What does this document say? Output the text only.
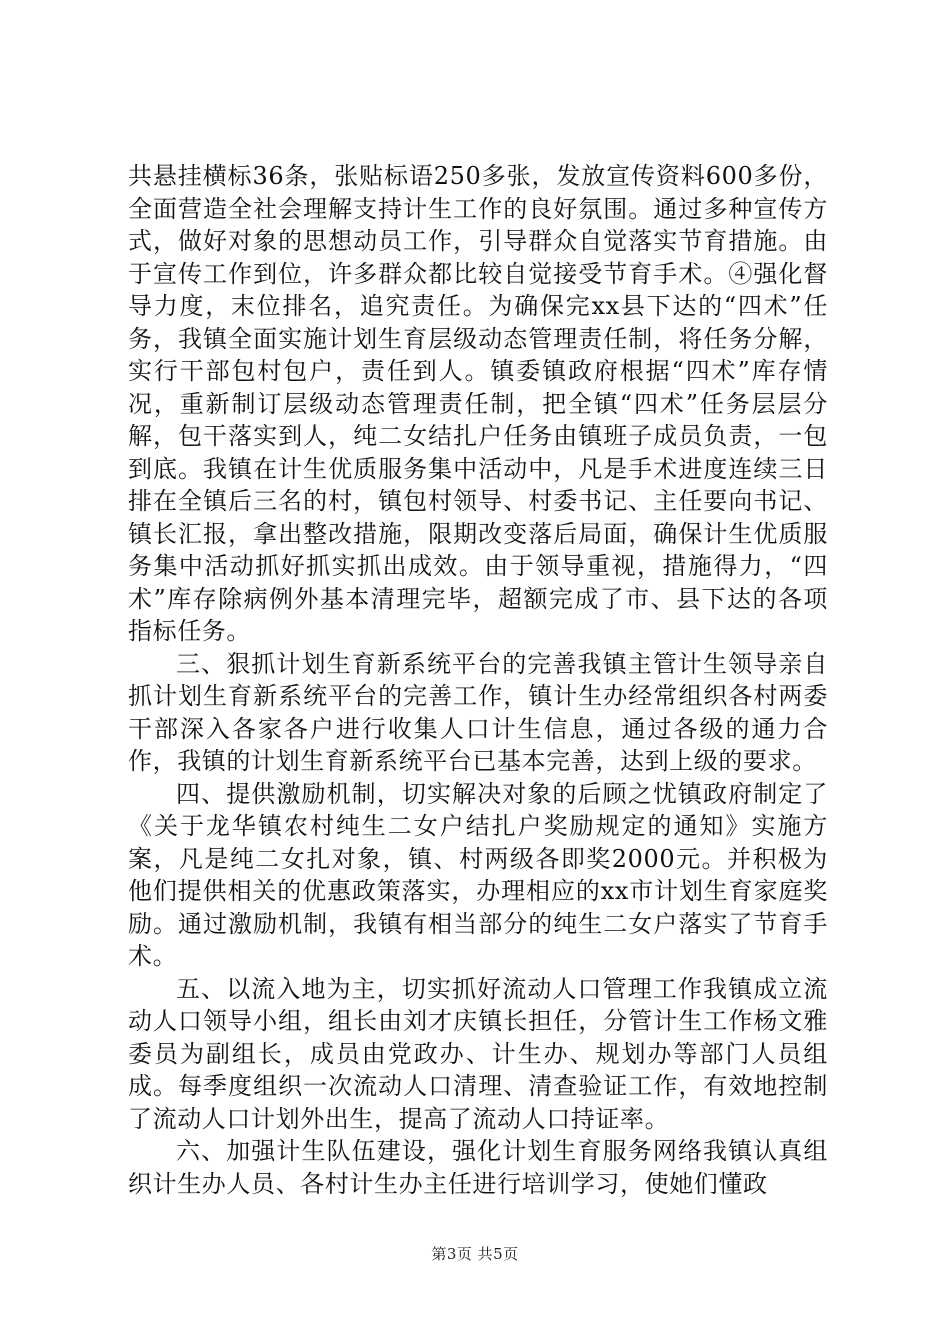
共悬挂横标36条，张贴标语250多张，发放宣传资料600多份，全面营造全社会理解支持计生工作的良好氛围。通过多种宣传方式，做好对象的思想动员工作，引导群众自觉落实节育措施。由于宣传工作到位，许多群众都比较自觉接受节育手术。④强化督导力度，末位排名，追究责任。为确保完xx县下达的“四术”任务，我镇全面实施计划生育层级动态管理责任制，将任务分解，实行干部包村包户，责任到人。镇委镇政府根据“四术”库存情况，重新制订层级动态管理责任制，把全镇“四术”任务层层分解，包干落实到人，纯二女结扎户任务由镇班子成员负责，一包到底。我镇在计生优质服务集中活动中，凡是手术进度连续三日排在全镇后三名的村，镇包村领导、村委书记、主任要向书记、镇长汇报，拿出整改措施，限期改变落后局面，确保计生优质服务集中活动抓好抓实抓出成效。由于领导重视，措施得力，“四术”库存除病例外基本清理完毕，超额完成了市、县下达的各项指标任务。

三、狠抓计划生育新系统平台的完善我镇主管计生领导亲自抓计划生育新系统平台的完善工作，镇计生办经常组织各村两委干部深入各家各户进行收集人口计生信息，通过各级的通力合作，我镇的计划生育新系统平台已基本完善，达到上级的要求。

四、提供激励机制，切实解决对象的后顾之忧镇政府制定了《关于龙华镇农村纯生二女户结扎户奖励规定的通知》实施方案，凡是纯二女扎对象，镇、村两级各即奖2000元。并积极为他们提供相关的优惠政策落实，办理相应的xx市计划生育家庭奖励。通过激励机制，我镇有相当部分的纯生二女户落实了节育手术。

五、以流入地为主，切实抓好流动人口管理工作我镇成立流动人口领导小组，组长由刘才庆镇长担任，分管计生工作杨文雅委员为副组长，成员由党政办、计生办、规划办等部门人员组成。每季度组织一次流动人口清理、清查验证工作，有效地控制了流动人口计划外出生，提高了流动人口持证率。

六、加强计生队伍建设，强化计划生育服务网络我镇认真组织计生办人员、各村计生办主任进行培训学习，使她们懂政

第3页 共5页
